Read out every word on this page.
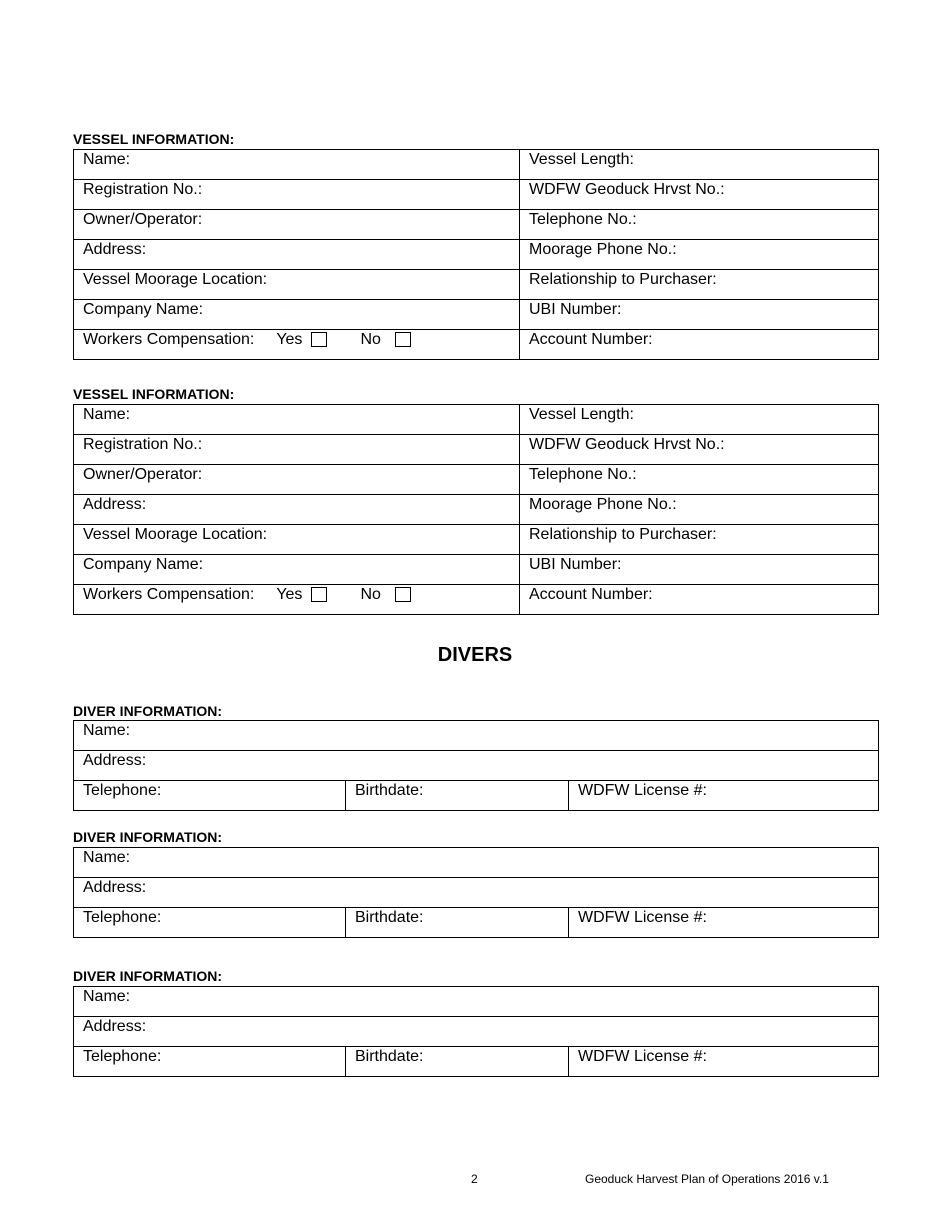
VESSEL INFORMATION:
Name:	Vessel Length:
Registration No.:	WDFW Geoduck Hrvst No.:
Owner/Operator:	Telephone No.:
Address:	Moorage Phone No.:
Vessel Moorage Location:	Relationship to Purchaser:
Company Name:	UBI Number:
Workers Compensation: Yes No	Account Number:
VESSEL INFORMATION:
Name:	Vessel Length:
Registration No.:	WDFW Geoduck Hrvst No.:
Owner/Operator:	Telephone No.:
Address:	Moorage Phone No.:
Vessel Moorage Location:	Relationship to Purchaser:
Company Name:	UBI Number:
Workers Compensation: Yes No	Account Number:
DIVERS
DIVER INFORMATION:
Name:
Address:
Telephone:	Birthdate:	WDFW License #:
DIVER INFORMATION:
Name:
Address:
Telephone:	Birthdate:	WDFW License #:
DIVER INFORMATION:
Name:
Address:
Telephone:	Birthdate:	WDFW License #:
2	Geoduck Harvest Plan of Operations 2016 v.1
